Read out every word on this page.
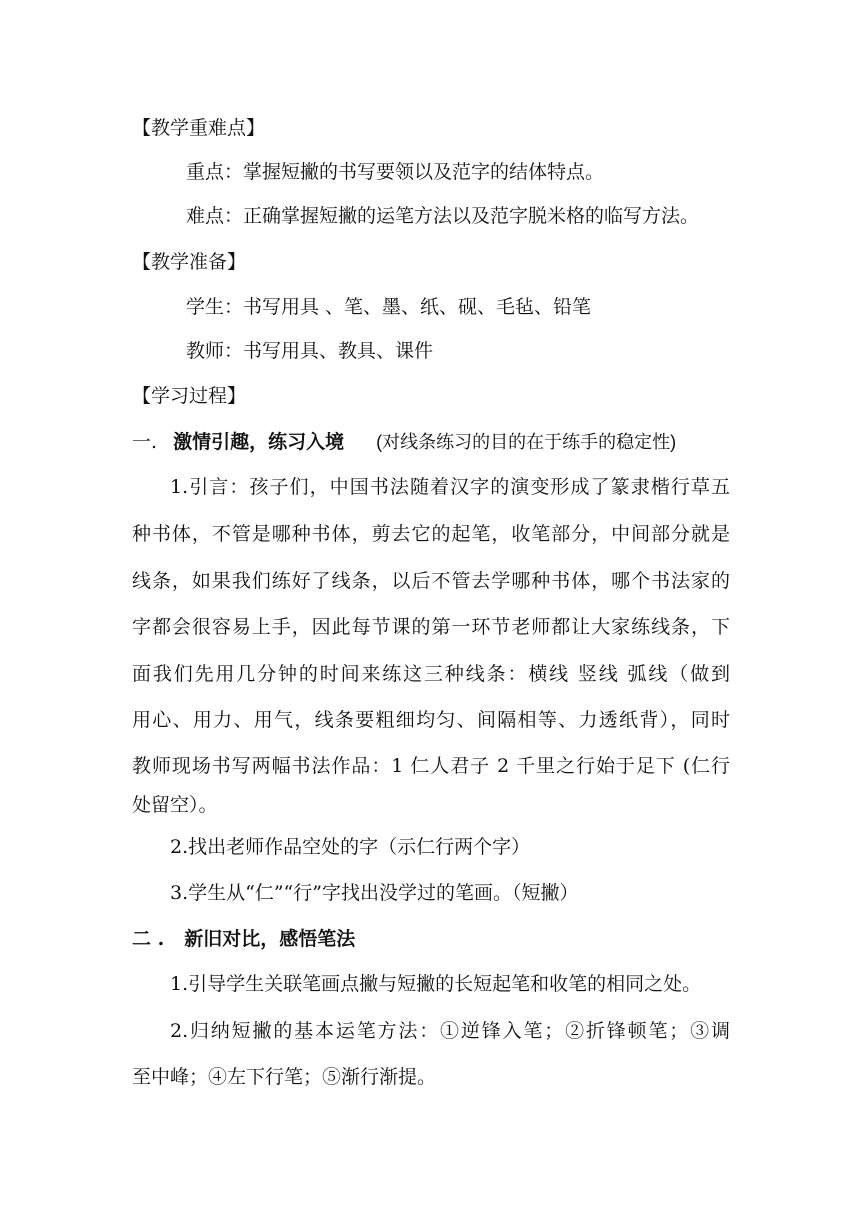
【教学重难点】
重点：掌握短撇的书写要领以及范字的结体特点。
难点：正确掌握短撇的运笔方法以及范字脱米格的临写方法。
【教学准备】
学生：书写用具 、笔、墨、纸、砚、毛毡、铅笔
教师：书写用具、教具、课件
【学习过程】
一. 激情引趣，练习入境 (对线条练习的目的在于练手的稳定性)
1.引言：孩子们，中国书法随着汉字的演变形成了篆隶楷行草五
种书体，不管是哪种书体，剪去它的起笔，收笔部分，中间部分就是
线条，如果我们练好了线条，以后不管去学哪种书体，哪个书法家的
字都会很容易上手，因此每节课的第一环节老师都让大家练线条，下
面我们先用几分钟的时间来练这三种线条：横线 竖线 弧线（做到
用心、用力、用气，线条要粗细均匀、间隔相等、力透纸背），同时
教师现场书写两幅书法作品：1 仁人君子 2 千里之行始于足下 (仁行
处留空）。
2.找出老师作品空处的字（示仁行两个字）
3.学生从“仁”“行”字找出没学过的笔画。（短撇）
二 . 新旧对比，感悟笔法
1.引导学生关联笔画点撇与短撇的长短起笔和收笔的相同之处。
2.归纳短撇的基本运笔方法：①逆锋入笔；②折锋顿笔；③调
至中峰；④左下行笔；⑤渐行渐提。
